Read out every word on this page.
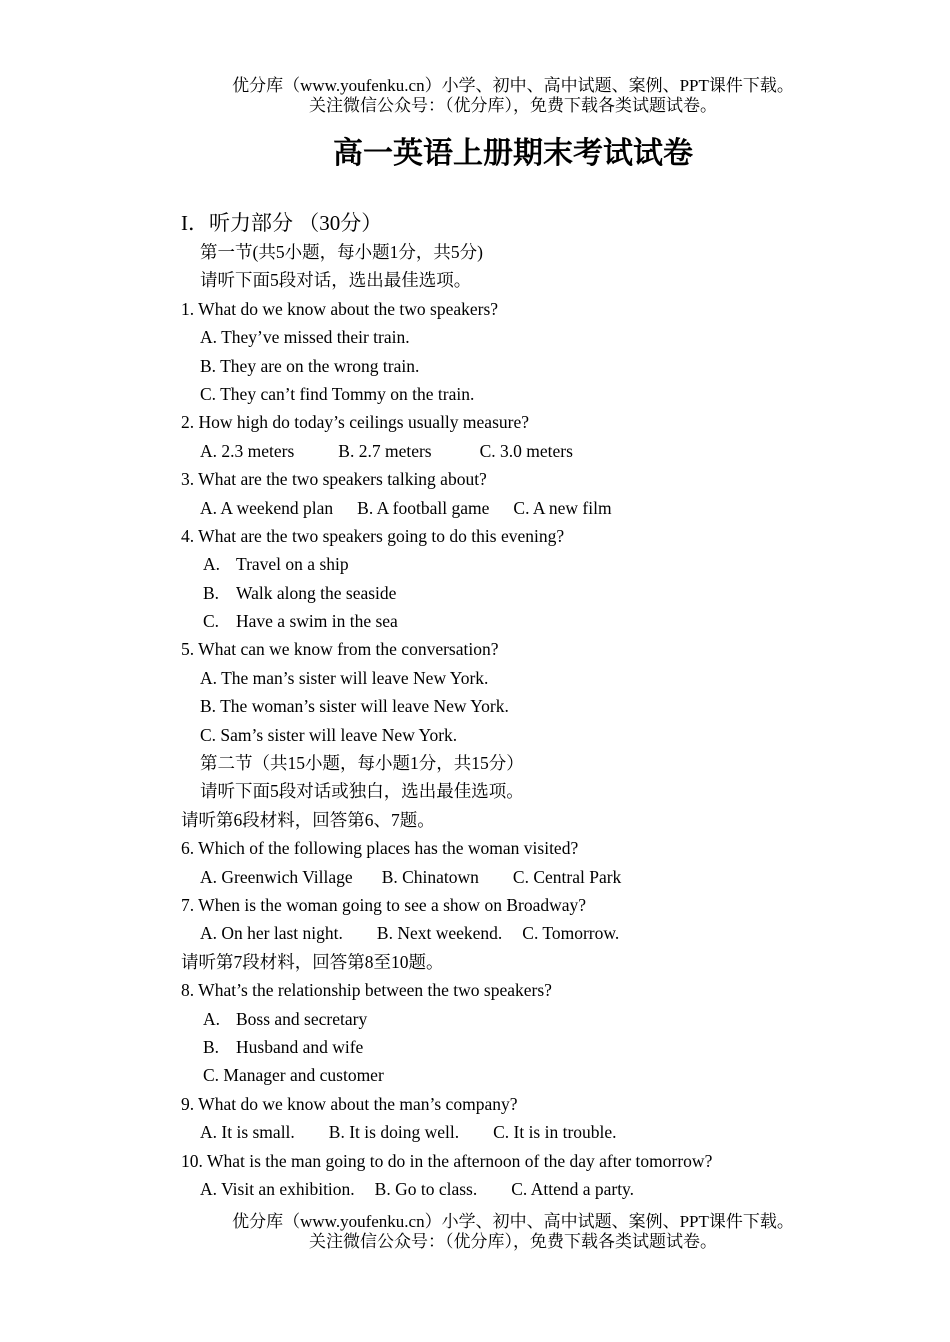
优分库（www.youfenku.cn）小学、初中、高中试题、案例、PPT课件下载。
关注微信公众号：（优分库），免费下载各类试题试卷。
高一英语上册期末考试试卷
I．听力部分 （30分）
第一节(共5小题，每小题1分，共5分)
请听下面5段对话，选出最佳选项。
1. What do we know about the two speakers?
A. They’ve missed their train.
B. They are on the wrong train.
C. They can’t find Tommy on the train.
2. How high do today’s ceilings usually measure?
A. 2.3 meters	B. 2.7 meters	C. 3.0 meters
3. What are the two speakers talking about?
A. A weekend plan B. A football game C. A new film
4. What are the two speakers going to do this evening?
A. Travel on a ship
B. Walk along the seaside
C. Have a swim in the sea
5. What can we know from the conversation?
A. The man’s sister will leave New York.
B. The woman’s sister will leave New York.
C. Sam’s sister will leave New York.
第二节（共15小题，每小题1分，共15分）
请听下面5段对话或独白，选出最佳选项。
请听第6段材料，回答第6、7题。
6. Which of the following places has the woman visited?
A. Greenwich Village B. Chinatown C. Central Park
7. When is the woman going to see a show on Broadway?
A. On her last night. B. Next weekend. C. Tomorrow.
请听第7段材料，回答第8至10题。
8. What’s the relationship between the two speakers?
A. Boss and secretary
B. Husband and wife
C. Manager and customer
9. What do we know about the man’s company?
A. It is small. B. It is doing well. C. It is in trouble.
10. What is the man going to do in the afternoon of the day after tomorrow?
A. Visit an exhibition. B. Go to class. C. Attend a party.
优分库（www.youfenku.cn）小学、初中、高中试题、案例、PPT课件下载。
关注微信公众号：（优分库），免费下载各类试题试卷。
